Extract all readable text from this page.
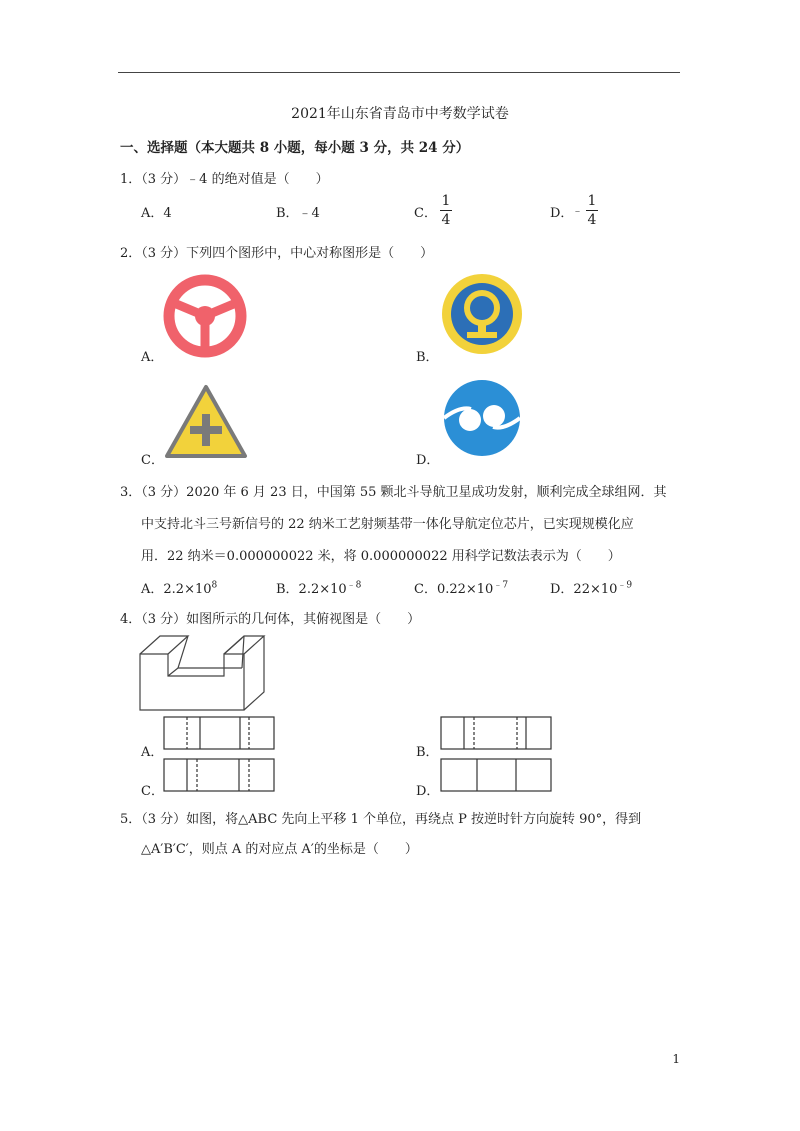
2021年山东省青岛市中考数学试卷
一、选择题（本大题共 8 小题，每小题 3 分，共 24 分）
1．（3 分）﹣4 的绝对值是（　　）
A．4	B．﹣4	C．
1
4	D．
﹣
1
4
2．（3 分）下列四个图形中，中心对称图形是（　　）
A．	B．
C．	D．
3．（3 分）2020 年 6 月 23 日，中国第 55 颗北斗导航卫星成功发射，顺利完成全球组网．其
中支持北斗三号新信号的 22 纳米工艺射频基带一体化导航定位芯片，已实现规模化应
用．22 纳米＝0.000000022 米，将 0.000000022 用科学记数法表示为（　　）
A．$2.2\times 10^8$	B．$2.2\times 10^{﹣8}$	C．$0.22\times 10^{﹣7}$	D．$22\times 10^{﹣9}$
4．（3 分）如图所示的几何体，其俯视图是（　　）
A．	B．
C．	D．
5．（3 分）如图，将△ABC 先向上平移 1 个单位，再绕点 P 按逆时针方向旋转 90°，得到
△A′B′C′，则点 A 的对应点 A′的坐标是（　　）
1
